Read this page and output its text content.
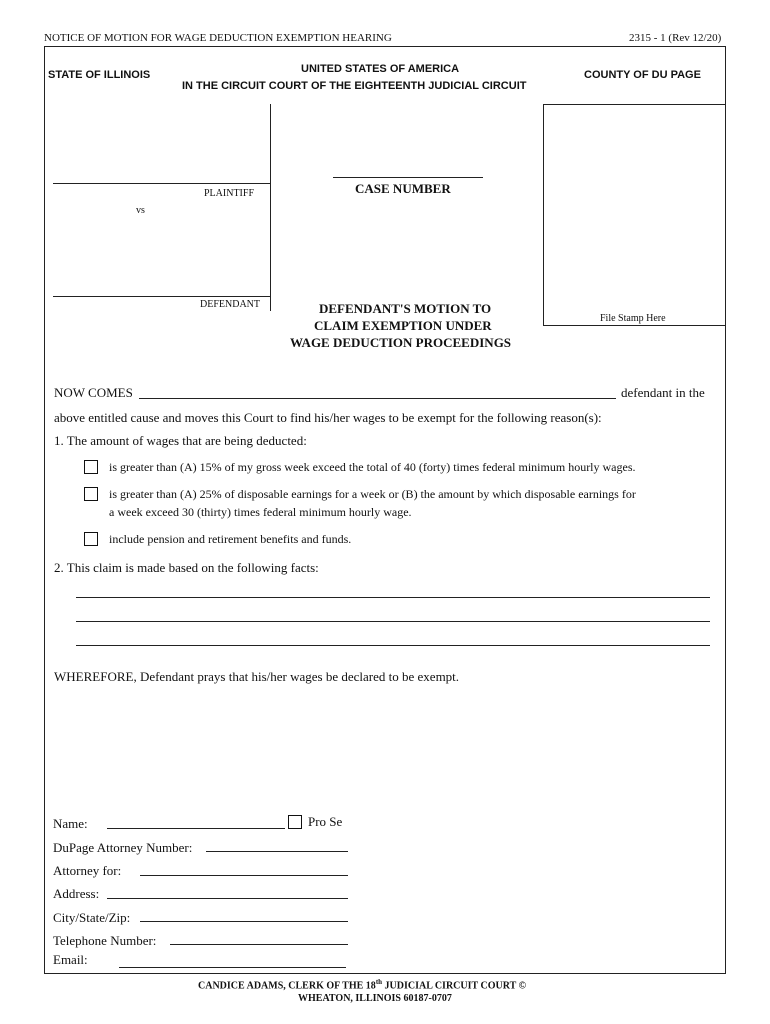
NOTICE OF MOTION FOR WAGE DEDUCTION EXEMPTION HEARING	2315 - 1 (Rev 12/20)
STATE OF ILLINOIS	UNITED STATES OF AMERICA
IN THE CIRCUIT COURT OF THE EIGHTEENTH JUDICIAL CIRCUIT
COUNTY OF DU PAGE
PLAINTIFF
vs
DEFENDANT
CASE NUMBER
DEFENDANT'S MOTION TO
CLAIM EXEMPTION UNDER
WAGE DEDUCTION PROCEEDINGS
File Stamp Here
NOW COMES	defendant in the
above entitled cause and moves this Court to find his/her wages to be exempt for the following reason(s):
1. The amount of wages that are being deducted:
is greater than (A) 15% of my gross week exceed the total of 40 (forty) times federal minimum hourly wages.
is greater than (A) 25% of disposable earnings for a week or (B) the amount by which disposable earnings for
a week exceed 30 (thirty) times federal minimum hourly wage.
include pension and retirement benefits and funds.
2. This claim is made based on the following facts:
WHEREFORE, Defendant prays that his/her wages be declared to be exempt.
Name:	Pro Se
DuPage Attorney Number:
Attorney for:
Address:
City/State/Zip:
Telephone Number:
Email:
CANDICE ADAMS, CLERK OF THE 18th JUDICIAL CIRCUIT COURT ©
WHEATON, ILLINOIS 60187-0707
